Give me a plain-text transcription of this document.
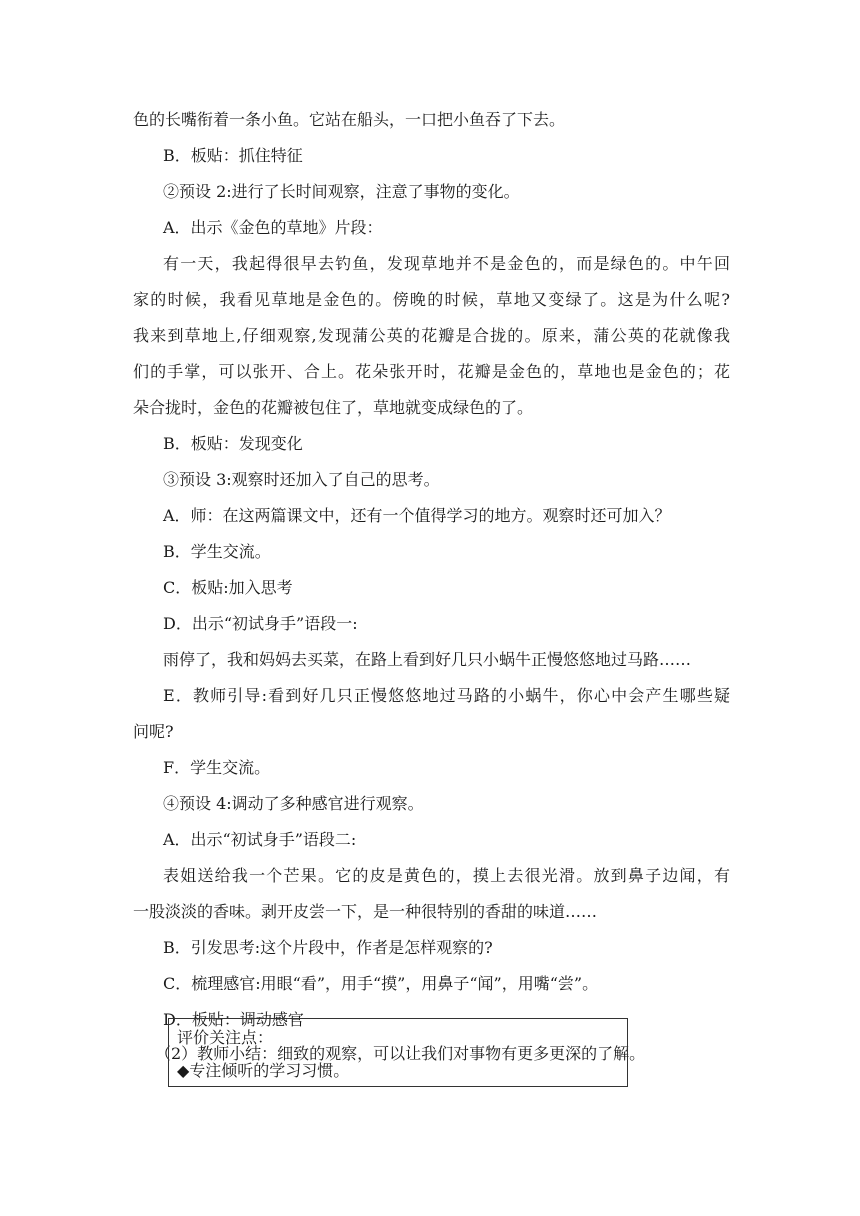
色的长嘴衔着一条小鱼。它站在船头，一口把小鱼吞了下去。
B．板贴：抓住特征
②预设 2:进行了长时间观察，注意了事物的变化。
A．出示《金色的草地》片段：
有一天，我起得很早去钓鱼，发现草地并不是金色的，而是绿色的。中午回
家的时候，我看见草地是金色的。傍晚的时候，草地又变绿了。这是为什么呢?
我来到草地上,仔细观察,发现蒲公英的花瓣是合拢的。原来，蒲公英的花就像我
们的手掌，可以张开、合上。花朵张开时，花瓣是金色的，草地也是金色的；花
朵合拢时，金色的花瓣被包住了，草地就变成绿色的了。
B．板贴：发现变化
③预设 3:观察时还加入了自己的思考。
A．师：在这两篇课文中，还有一个值得学习的地方。观察时还可加入？
B．学生交流。
C．板贴:加入思考
D．出示“初试身手”语段一:
雨停了，我和妈妈去买菜，在路上看到好几只小蜗牛正慢悠悠地过马路……
E．教师引导:看到好几只正慢悠悠地过马路的小蜗牛，你心中会产生哪些疑
问呢?
F．学生交流。
④预设 4:调动了多种感官进行观察。
A．出示“初试身手”语段二:
表姐送给我一个芒果。它的皮是黄色的，摸上去很光滑。放到鼻子边闻，有
一股淡淡的香味。剥开皮尝一下，是一种很特别的香甜的味道……
B．引发思考:这个片段中，作者是怎样观察的?
C．梳理感官:用眼“看”，用手“摸”，用鼻子“闻”，用嘴“尝”。
D．板贴：调动感官
（2）教师小结：细致的观察，可以让我们对事物有更多更深的了解。
评价关注点：
◆专注倾听的学习习惯。
